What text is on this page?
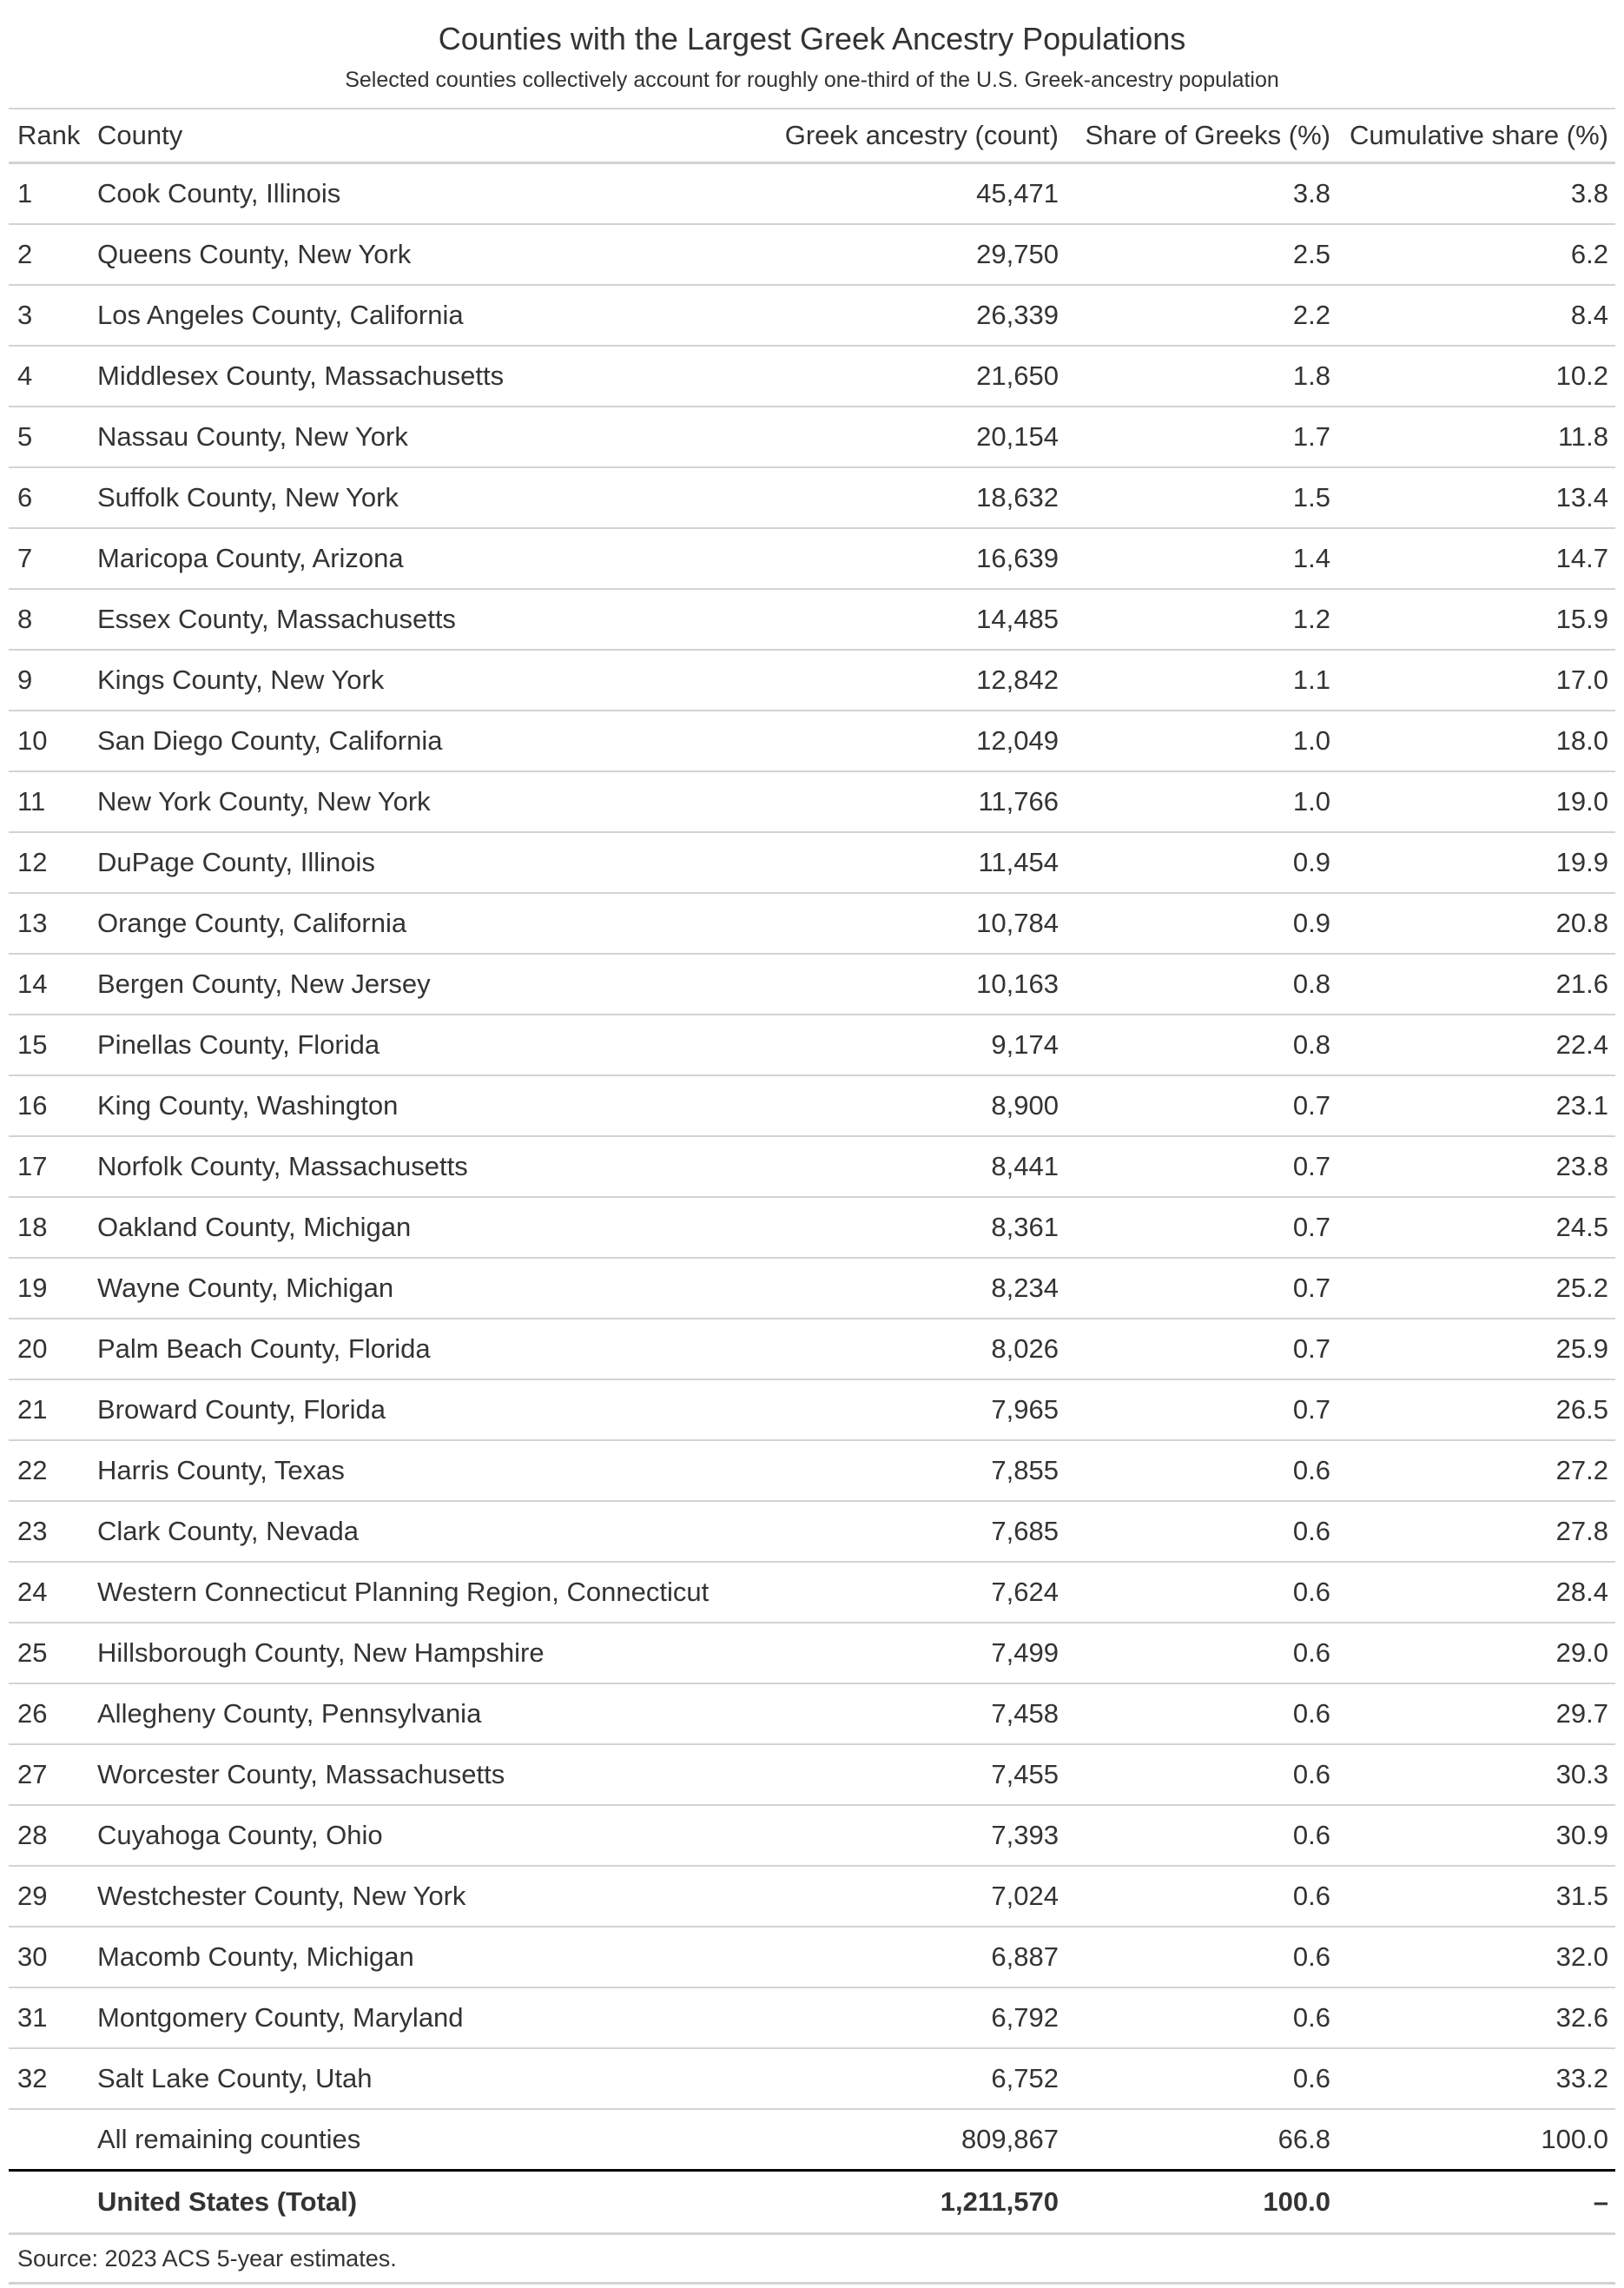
Counties with the Largest Greek Ancestry Populations
Selected counties collectively account for roughly one-third of the U.S. Greek-ancestry population
Rank	County	Greek ancestry (count)	Share of Greeks (%)	Cumulative share (%)
1	Cook County, Illinois	45,471	3.8	3.8
2	Queens County, New York	29,750	2.5	6.2
3	Los Angeles County, California	26,339	2.2	8.4
4	Middlesex County, Massachusetts	21,650	1.8	10.2
5	Nassau County, New York	20,154	1.7	11.8
6	Suffolk County, New York	18,632	1.5	13.4
7	Maricopa County, Arizona	16,639	1.4	14.7
8	Essex County, Massachusetts	14,485	1.2	15.9
9	Kings County, New York	12,842	1.1	17.0
10	San Diego County, California	12,049	1.0	18.0
11	New York County, New York	11,766	1.0	19.0
12	DuPage County, Illinois	11,454	0.9	19.9
13	Orange County, California	10,784	0.9	20.8
14	Bergen County, New Jersey	10,163	0.8	21.6
15	Pinellas County, Florida	9,174	0.8	22.4
16	King County, Washington	8,900	0.7	23.1
17	Norfolk County, Massachusetts	8,441	0.7	23.8
18	Oakland County, Michigan	8,361	0.7	24.5
19	Wayne County, Michigan	8,234	0.7	25.2
20	Palm Beach County, Florida	8,026	0.7	25.9
21	Broward County, Florida	7,965	0.7	26.5
22	Harris County, Texas	7,855	0.6	27.2
23	Clark County, Nevada	7,685	0.6	27.8
24	Western Connecticut Planning Region, Connecticut	7,624	0.6	28.4
25	Hillsborough County, New Hampshire	7,499	0.6	29.0
26	Allegheny County, Pennsylvania	7,458	0.6	29.7
27	Worcester County, Massachusetts	7,455	0.6	30.3
28	Cuyahoga County, Ohio	7,393	0.6	30.9
29	Westchester County, New York	7,024	0.6	31.5
30	Macomb County, Michigan	6,887	0.6	32.0
31	Montgomery County, Maryland	6,792	0.6	32.6
32	Salt Lake County, Utah	6,752	0.6	33.2
	All remaining counties	809,867	66.8	100.0
	United States (Total)	1,211,570	100.0	–
Source: 2023 ACS 5-year estimates.
